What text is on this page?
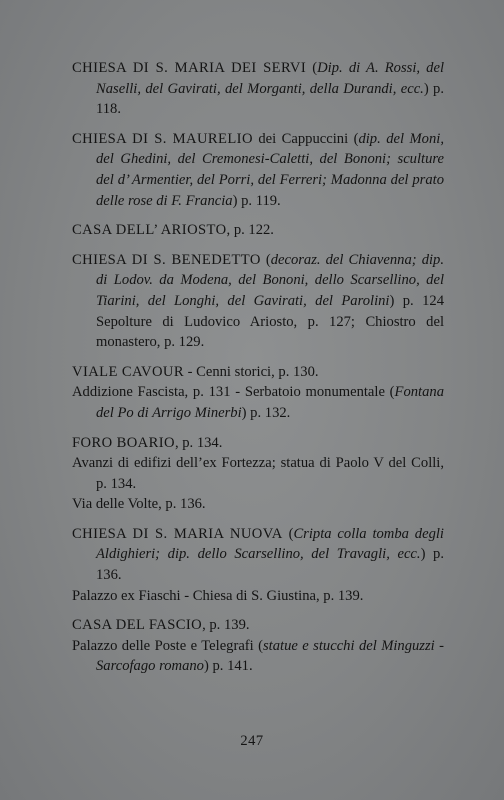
CHIESA DI S. MARIA DEI SERVI (Dip. di A. Rossi, del Naselli, del Gavirati, del Morganti, della Durandi, ecc.) p. 118.

CHIESA DI S. MAURELIO dei Cappuccini (dip. del Moni, del Ghedini, del Cremonesi-Caletti, del Bononi; sculture del d’ Armentier, del Porri, del Ferreri; Madonna del prato delle rose di F. Francia) p. 119.

CASA DELL’ ARIOSTO, p. 122.

CHIESA DI S. BENEDETTO (decoraz. del Chiavenna; dip. di Lodov. da Modena, del Bononi, dello Scarsellino, del Tiarini, del Longhi, del Gavirati, del Parolini) p. 124 Sepolture di Ludovico Ariosto, p. 127; Chiostro del monastero, p. 129.

VIALE CAVOUR - Cenni storici, p. 130.

Addizione Fascista, p. 131 - Serbatoio monumentale (Fontana del Po di Arrigo Minerbi) p. 132.

FORO BOARIO, p. 134.

Avanzi di edifizi dell’ex Fortezza; statua di Paolo V del Colli, p. 134.

Via delle Volte, p. 136.

CHIESA DI S. MARIA NUOVA (Cripta colla tomba degli Aldighieri; dip. dello Scarsellino, del Travagli, ecc.) p. 136.

Palazzo ex Fiaschi - Chiesa di S. Giustina, p. 139.

CASA DEL FASCIO, p. 139.

Palazzo delle Poste e Telegrafi (statue e stucchi del Minguzzi - Sarcofago romano) p. 141.

247
